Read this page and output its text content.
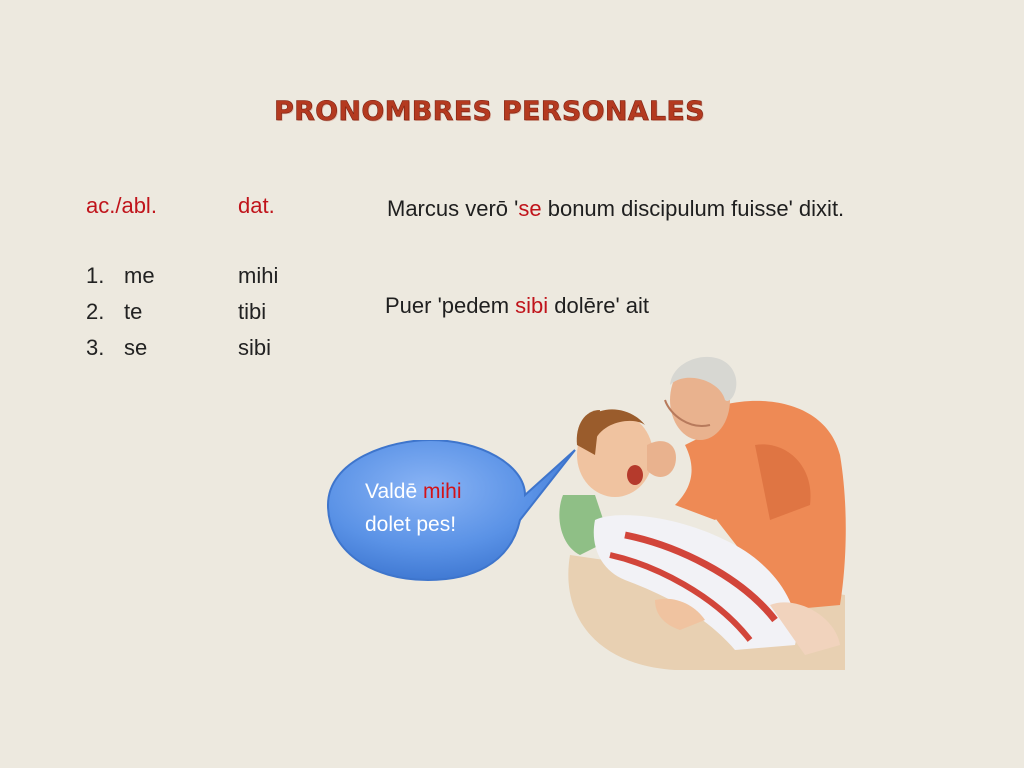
PRONOMBRES PERSONALES
ac./abl.	dat.
1. me	mihi
2. te	tibi
3. se	sibi
Marcus verō 'se bonum discipulum fuisse' dixit.
Puer 'pedem sibi dolēre' ait
Valdē mihi
dolet pes!
